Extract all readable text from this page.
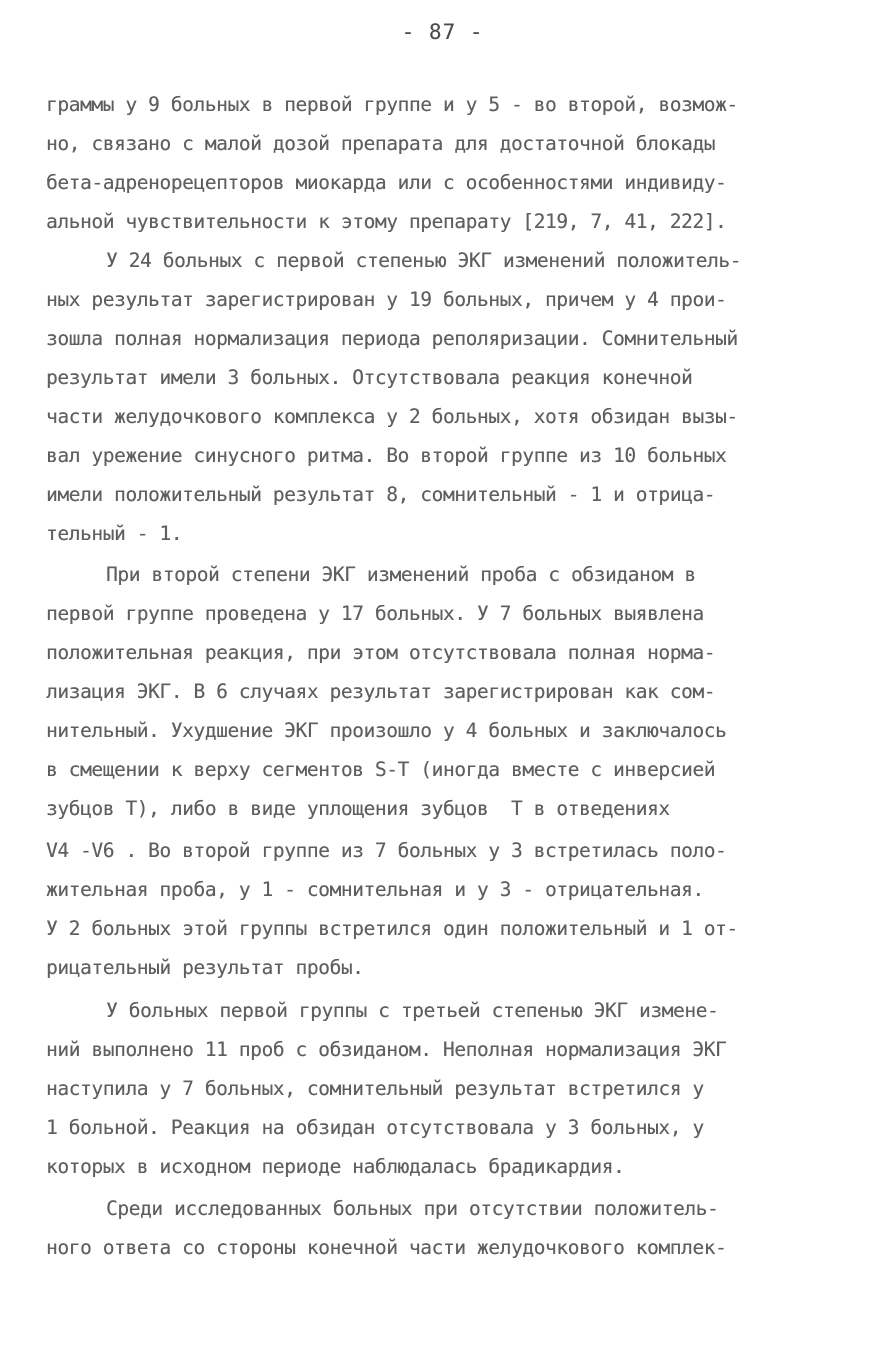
- 87 -
граммы у 9 больных в первой группе и у 5 - во второй, возмож-
но, связано с малой дозой препарата для достаточной блокады
бета-адренорецепторов миокарда или с особенностями индивиду-
альной чувствительности к этому препарату [219, 7, 41, 222].
У 24 больных с первой степенью ЭКГ изменений положитель-
ных результат зарегистрирован у 19 больных, причем у 4 прои-
зошла полная нормализация периода реполяризации. Сомнительный
результат имели 3 больных. Отсутствовала реакция конечной
части желудочкового комплекса у 2 больных, хотя обзидан вызы-
вал урежение синусного ритма. Во второй группе из 10 больных
имели положительный результат 8, сомнительный - 1 и отрица-
тельный - 1.
При второй степени ЭКГ изменений проба с обзиданом в
первой группе проведена у 17 больных. У 7 больных выявлена
положительная реакция, при этом отсутствовала полная норма-
лизация ЭКГ. В 6 случаях результат зарегистрирован как сом-
нительный. Ухудшение ЭКГ произошло у 4 больных и заключалось
в смещении к верху сегментов S-T (иногда вместе с инверсией
зубцов Т), либо в виде уплощения зубцов  Т в отведениях
V4 -V6 . Во второй группе из 7 больных у 3 встретилась поло-
жительная проба, у 1 - сомнительная и у 3 - отрицательная.
У 2 больных этой группы встретился один положительный и 1 от-
рицательный результат пробы.
У больных первой группы с третьей степенью ЭКГ измене-
ний выполнено 11 проб с обзиданом. Неполная нормализация ЭКГ
наступила у 7 больных, сомнительный результат встретился у
1 больной. Реакция на обзидан отсутствовала у 3 больных, у
которых в исходном периоде наблюдалась брадикардия.
Среди исследованных больных при отсутствии положитель-
ного ответа со стороны конечной части желудочкового комплек-
